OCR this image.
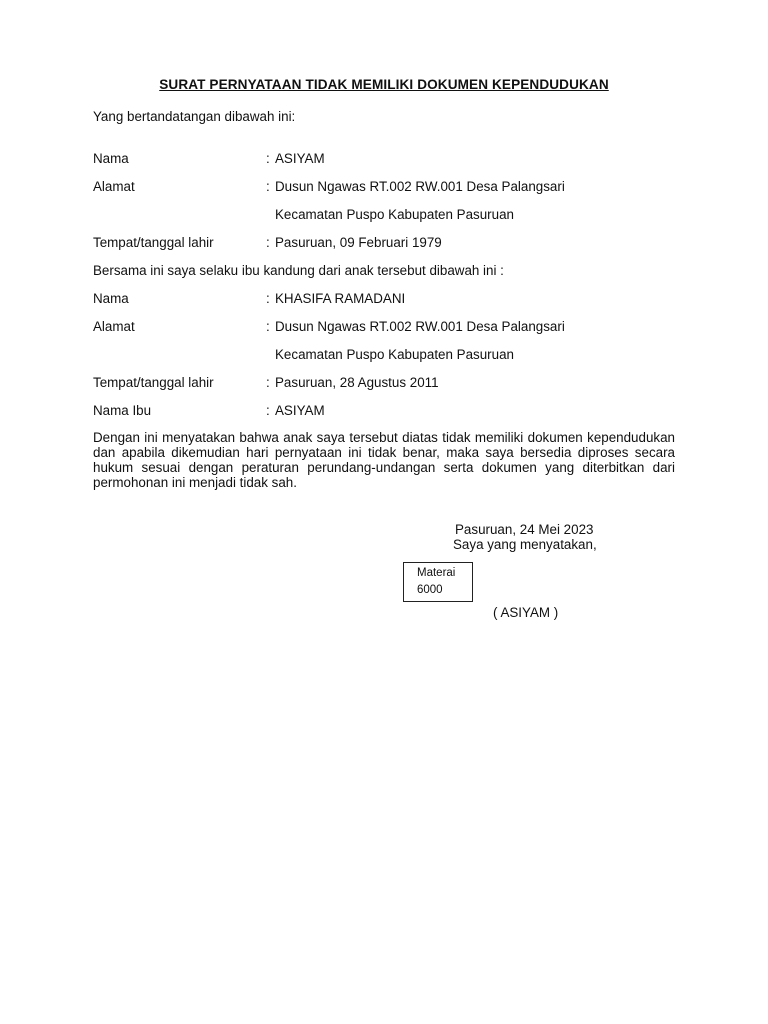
SURAT PERNYATAAN TIDAK MEMILIKI DOKUMEN KEPENDUDUKAN
Yang bertandatangan dibawah ini:
Nama	: ASIYAM
Alamat	: Dusun Ngawas RT.002 RW.001 Desa Palangsari
Kecamatan Puspo Kabupaten Pasuruan
Tempat/tanggal lahir	: Pasuruan, 09 Februari 1979
Bersama ini saya selaku ibu kandung dari anak tersebut dibawah ini :
Nama	: KHASIFA RAMADANI
Alamat	: Dusun Ngawas RT.002 RW.001 Desa Palangsari
Kecamatan Puspo Kabupaten Pasuruan
Tempat/tanggal lahir	: Pasuruan, 28 Agustus 2011
Nama Ibu	: ASIYAM
Dengan ini menyatakan bahwa anak saya tersebut diatas tidak memiliki dokumen kependudukan dan apabila dikemudian hari pernyataan ini tidak benar, maka saya bersedia diproses secara hukum sesuai dengan peraturan perundang-undangan serta dokumen yang diterbitkan dari permohonan ini menjadi tidak sah.
Pasuruan, 24 Mei 2023
Saya yang menyatakan,
Materai
6000
( ASIYAM )
